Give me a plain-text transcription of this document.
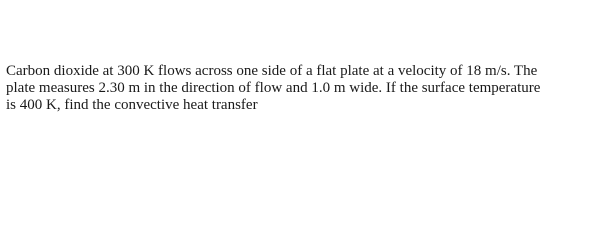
Carbon dioxide at 300 K flows across one side of a flat plate at a velocity of 18 m/s. The
plate measures 2.30 m in the direction of flow and 1.0 m wide. If the surface temperature
is 400 K, find the convective heat transfer
